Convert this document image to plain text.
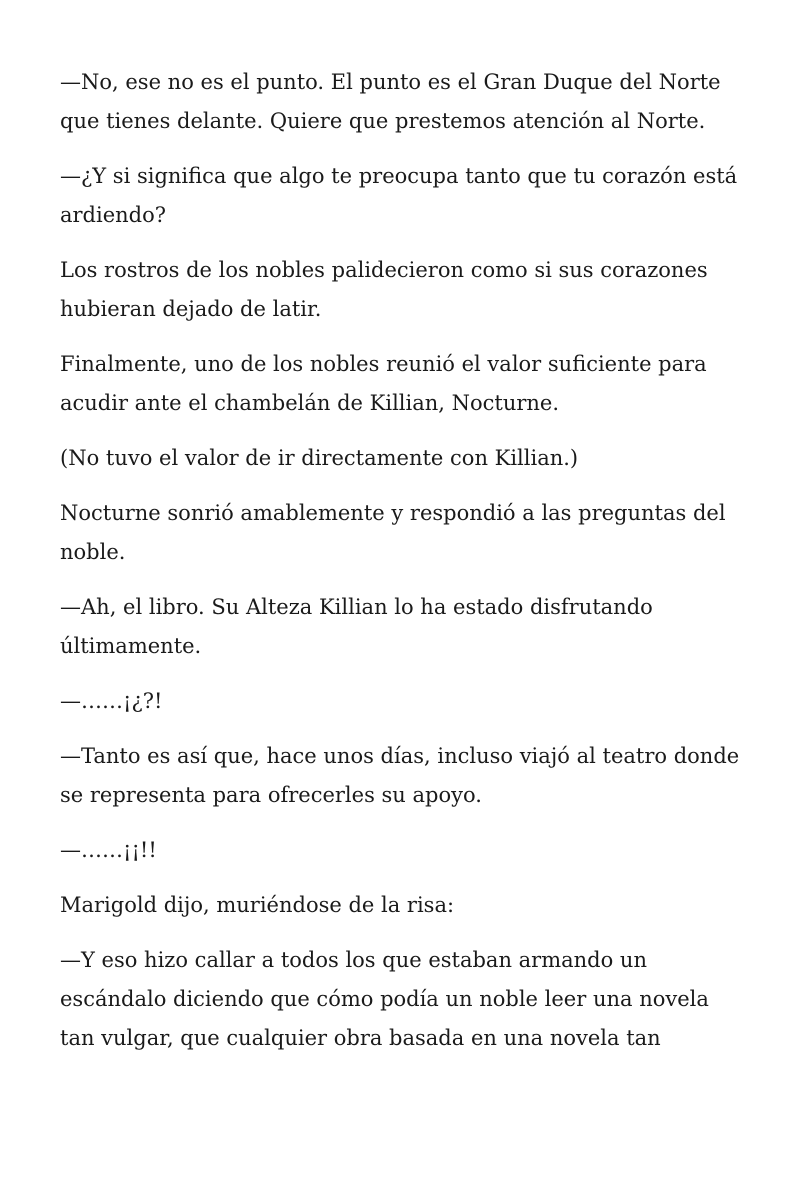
—No, ese no es el punto. El punto es el Gran Duque del Norte que tienes delante. Quiere que prestemos atención al Norte.

—¿Y si significa que algo te preocupa tanto que tu corazón está ardiendo?

Los rostros de los nobles palidecieron como si sus corazones hubieran dejado de latir.

Finalmente, uno de los nobles reunió el valor suficiente para acudir ante el chambelán de Killian, Nocturne.

(No tuvo el valor de ir directamente con Killian.)

Nocturne sonrió amablemente y respondió a las preguntas del noble.

—Ah, el libro. Su Alteza Killian lo ha estado disfrutando últimamente.

—……¡¿?!

—Tanto es así que, hace unos días, incluso viajó al teatro donde se representa para ofrecerles su apoyo.

—……¡¡!!

Marigold dijo, muriéndose de la risa:

—Y eso hizo callar a todos los que estaban armando un escándalo diciendo que cómo podía un noble leer una novela tan vulgar, que cualquier obra basada en una novela tan
